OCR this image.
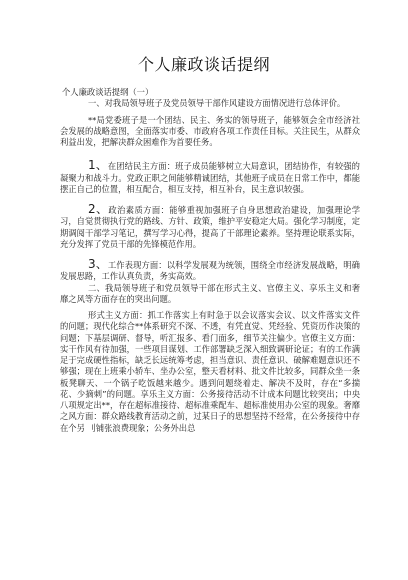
个人廉政谈话提纲

个人廉政谈话提纲（一）

一、对我局领导班子及党员领导干部作风建设方面情况进行总体评价。

**局党委班子是一个团结、民主、务实的领导班子，能够领会全市经济社会发展的战略意图，全面落实市委、市政府各项工作责任目标。关注民生，从群众利益出发，把解决群众困难作为首要任务。

1、在团结民主方面：班子成员能够树立大局意识，团结协作，有较强的凝聚力和战斗力。党政正职之间能够精诚团结，其他班子成员在日常工作中，都能摆正自己的位置，相互配合，相互支持，相互补台，民主意识较强。

2、政治素质方面：能够重视加强班子自身思想政治建设，加强理论学习，自觉贯彻执行党的路线、方针、政策，维护平安稳定大局。强化学习制度，定期调阅干部学习笔记，撰写学习心得，提高了干部理论素养。坚持理论联系实际，充分发挥了党员干部的先锋模范作用。

3、工作表现方面：以科学发展观为统领，围绕全市经济发展战略，明确发展思路，工作认真负责，务实高效。

二、我局领导班子和党员领导干部在形式主义、官僚主义、享乐主义和奢靡之风等方面存在的突出问题。

形式主义方面：抓工作落实上有时急于以会议落实会议、以文件落实文件的问题；现代化综合**体系研究不深、不透，有凭直觉、凭经验、凭资历作决策的问题；下基层调研、督导，听汇报多、看门面多，细节关注偏少。官僚主义方面：实干作风有待加强，一些项目谋划、工作部署缺乏深入细致调研论证；有的工作满足于完成硬性指标，缺乏长远统筹考虑，担当意识、责任意识、破解难题意识还不够强；现在上班乘小轿车、坐办公室，整天看材料、批文件比较多，同群众坐一条板凳聊天、一个锅子吃饭越来越少。遇到问题绕着走、解决不及时，存在“多揣花、少摘刺”的问题。享乐主义方面：公务接待活动不计成本问题比较突出；中央八项规定出**，存在超标准接待、超标准乘配车、超标准使用办公室的现象。奢靡之风方面：群众路线教育活动之前，过某日子的思想坚持不经常，在公务接待中存在个另 刂铺张浪费现象；公务外出总
